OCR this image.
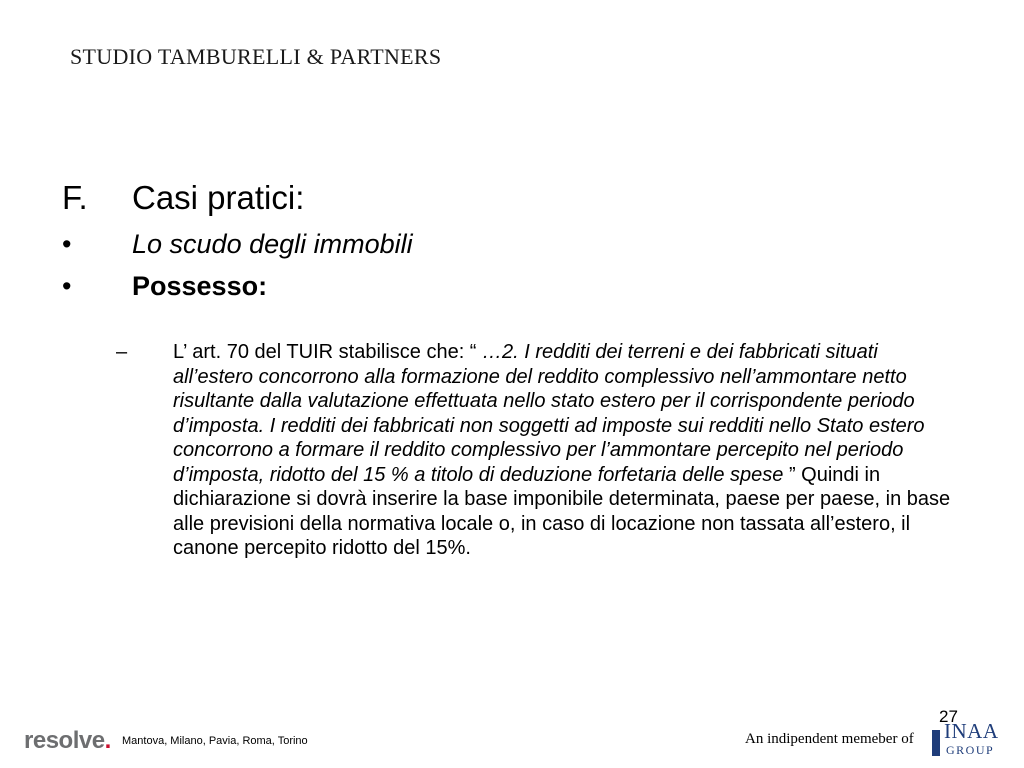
STUDIO TAMBURELLI & PARTNERS
F. Casi pratici:
• Lo scudo degli immobili
• Possesso:
–	L’ art. 70 del TUIR stabilisce che: “ …2. I redditi dei terreni e dei fabbricati situati all’estero concorrono alla formazione del reddito complessivo nell’ammontare netto risultante dalla valutazione effettuata nello stato estero per il corrispondente periodo d’imposta. I redditi dei fabbricati non soggetti ad imposte sui redditi nello Stato estero concorrono a formare il reddito complessivo per l’ammontare percepito nel periodo d’imposta, ridotto del 15 % a titolo di deduzione forfetaria delle spese ” Quindi in dichiarazione si dovrà inserire la base imponibile determinata, paese per paese, in base alle previsioni della normativa locale o, in caso di locazione non tassata all’estero, il canone percepito ridotto del 15%.
27
resolve. Mantova, Milano, Pavia, Roma, Torino	An indipendent memeber of INAA
GROUP
